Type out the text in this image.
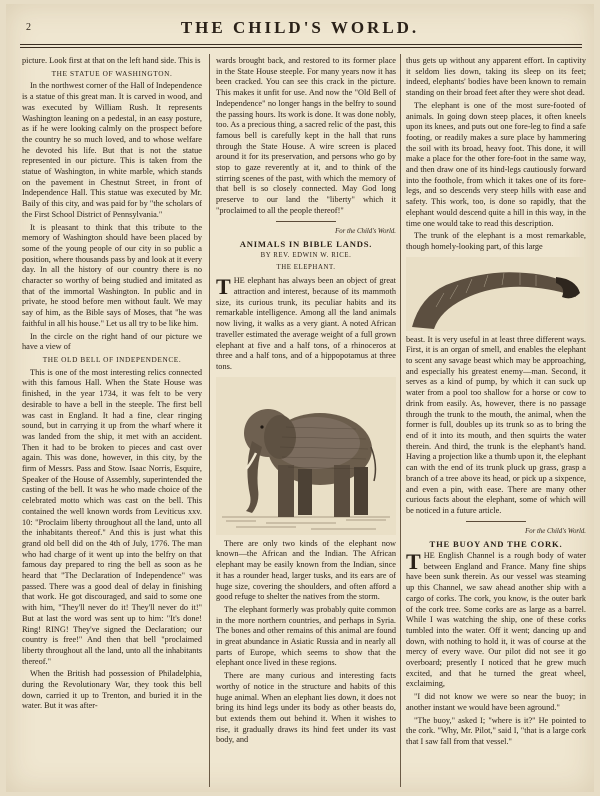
2	THE CHILD'S WORLD.

picture. Look first at that on the left hand side. This is

THE STATUE OF WASHINGTON.

In the northwest corner of the Hall of Independence is a statue of this great man. It is carved in wood, and was executed by William Rush. It represents Washington leaning on a pedestal, in an easy posture, as if he were looking calmly on the prospect before the country he so much loved, and to whose welfare he devoted his life. But that is not the statue represented in our picture. This is taken from the statue of Washington, in white marble, which stands on the pavement in Chestnut Street, in front of Independence Hall. This statue was executed by Mr. Baily of this city, and was paid for by "the scholars of the First School District of Pennsylvania."

It is pleasant to think that this tribute to the memory of Washington should have been placed by some of the young people of our city in so public a position, where thousands pass by and look at it every day. In all the history of our country there is no character so worthy of being studied and imitated as that of the immortal Washington. In public and in private, he stood before men without fault. We may say of him, as the Bible says of Moses, that "he was faithful in all his house." Let us all try to be like him.

In the circle on the right hand of our picture we have a view of

THE OLD BELL OF INDEPENDENCE.

This is one of the most interesting relics connected with this famous Hall. When the State House was finished, in the year 1734, it was felt to be very desirable to have a bell in the steeple. The first bell was cast in England. It had a fine, clear ringing sound, but in carrying it up from the wharf where it was landed from the ship, it met with an accident. Then it had to be broken to pieces and cast over again. This was done, however, in this city, by the firm of Messrs. Pass and Stow. Isaac Norris, Esquire, Speaker of the House of Assembly, superintended the casting of the bell. It was he who made choice of the celebrated motto which was cast on the bell. This contained the well known words from Leviticus xxv. 10: "Proclaim liberty throughout all the land, unto all the inhabitants thereof." And this is just what this grand old bell did on the 4th of July, 1776. The man who had charge of it went up into the belfry on that famous day prepared to ring the bell as soon as he heard that "The Declaration of Independence" was passed. There was a good deal of delay in finishing that work. He got discouraged, and said to some one with him, "They'll never do it! They'll never do it!" But at last the word was sent up to him: "It's done! Ring! RING! They've signed the Declaration; our country is free!" And then that bell "proclaimed liberty throughout all the land, unto all the inhabitants thereof."

When the British had possession of Philadelphia, during the Revolutionary War, they took this bell down, carried it up to Trenton, and buried it in the water. But it was after-

wards brought back, and restored to its former place in the State House steeple. For many years now it has been cracked. You can see this crack in the picture. This makes it unfit for use. And now the "Old Bell of Independence" no longer hangs in the belfry to sound the passing hours. Its work is done. It was done nobly, too. As a precious thing, a sacred relic of the past, this famous bell is carefully kept in the hall that runs through the State House. A wire screen is placed around it for its preservation, and persons who go by stop to gaze reverently at it, and to think of the stirring scenes of the past, with which the memory of that bell is so closely connected. May God long preserve to our land the "liberty" which it "proclaimed to all the people thereof!"

For the Child's World.
ANIMALS IN BIBLE LANDS.
BY REV. EDWIN W. RICE.
THE ELEPHANT.

THE elephant has always been an object of great attraction and interest, because of its mammoth size, its curious trunk, its peculiar habits and its remarkable intelligence. Among all the land animals now living, it walks as a very giant. A noted African traveller estimated the average weight of a full grown elephant at five and a half tons, of a rhinoceros at three and a half tons, and of a hippopotamus at three tons.

There are only two kinds of the elephant now known—the African and the Indian. The African elephant may be easily known from the Indian, since it has a rounder head, larger tusks, and its ears are of huge size, covering the shoulders, and often afford a good refuge to shelter the natives from the storm.

The elephant formerly was probably quite common in the more northern countries, and perhaps in Syria. The bones and other remains of this animal are found in great abundance in Asiatic Russia and in nearly all parts of Europe, which seems to show that the elephant once lived in these regions.

There are many curious and interesting facts worthy of notice in the structure and habits of this huge animal. When an elephant lies down, it does not bring its hind legs under its body as other beasts do, but extends them out behind it. When it wishes to rise, it gradually draws its hind feet under its vast body, and

thus gets up without any apparent effort. In captivity it seldom lies down, taking its sleep on its feet; indeed, elephants' bodies have been known to remain standing on their broad feet after they were shot dead.

The elephant is one of the most sure-footed of animals. In going down steep places, it often kneels upon its knees, and puts out one fore-leg to find a safe footing, or readily makes a sure place by hammering the soil with its broad, heavy foot. This done, it will make a place for the other fore-foot in the same way, and then draw one of its hind-legs cautiously forward into the foothole, from which it takes one of its fore-legs, and so descends very steep hills with ease and safety. This work, too, is done so rapidly, that the elephant would descend quite a hill in this way, in the time one would take to read this description.

The trunk of the elephant is a most remarkable, though homely-looking part, of this large

beast. It is very useful in at least three different ways. First, it is an organ of smell, and enables the elephant to scent any savage beast which may be approaching, and especially his greatest enemy—man. Second, it serves as a kind of pump, by which it can suck up water from a pool too shallow for a horse or cow to drink from easily. As, however, there is no passage through the trunk to the mouth, the animal, when the former is full, doubles up its trunk so as to bring the end of it into its mouth, and then squirts the water therein. And third, the trunk is the elephant's hand. Having a projection like a thumb upon it, the elephant can with the end of its trunk pluck up grass, grasp a branch of a tree above its head, or pick up a sixpence, and even a pin, with ease. There are many other curious facts about the elephant, some of which will be noticed in a future article.

For the Child's World.
THE BUOY AND THE CORK.

THE English Channel is a rough body of water between England and France. Many fine ships have been sunk therein. As our vessel was steaming up this Channel, we saw ahead another ship with a cargo of corks. The cork, you know, is the outer bark of the cork tree. Some corks are as large as a barrel. While I was watching the ship, one of these corks tumbled into the water. Off it went; dancing up and down, with nothing to hold it, it was of course at the mercy of every wave. Our pilot did not see it go overboard; presently I noticed that he grew much excited, and that he turned the great wheel, exclaiming,

"I did not know we were so near the buoy; in another instant we would have been aground."

"The buoy," asked I; "where is it?" He pointed to the cork. "Why, Mr. Pilot," said I, "that is a large cork that I saw fall from that vessel."
